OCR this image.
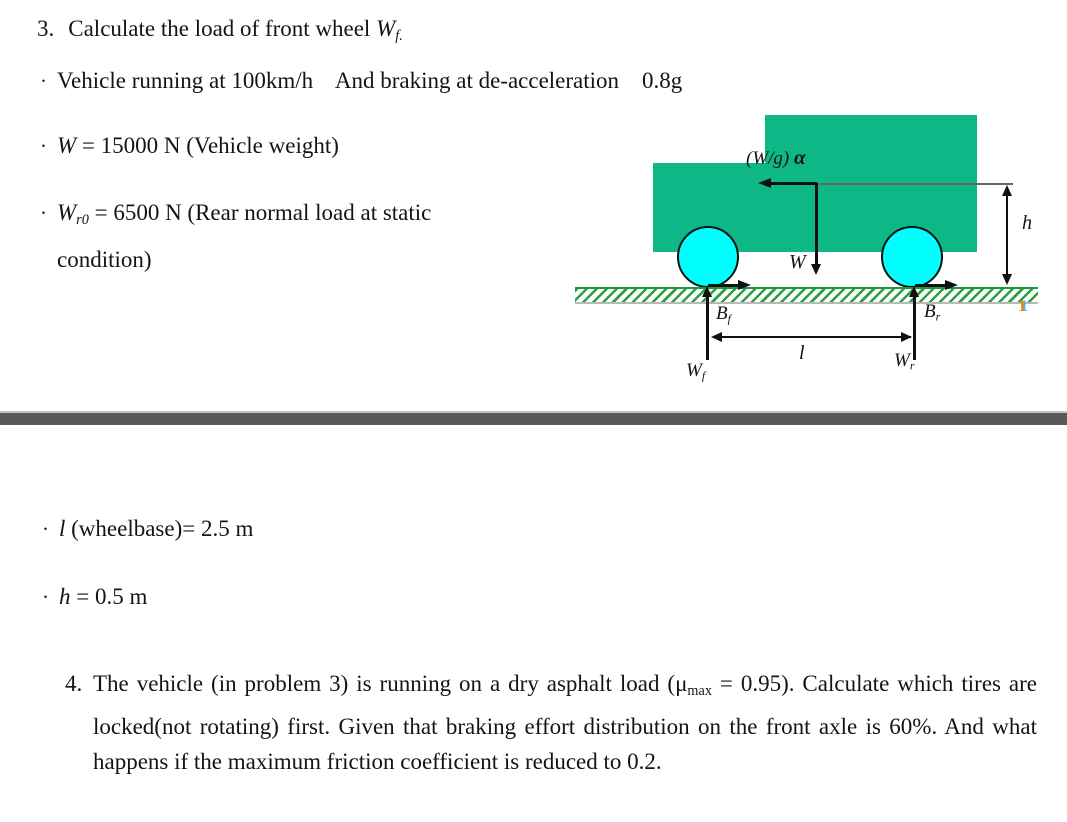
3. Calculate the load of front wheel Wf.
· Vehicle running at 100km/h    And braking at de-acceleration    0.8g
· W = 15000 N (Vehicle weight)
· Wr0 = 6500 N (Rear normal load at static
condition)
(W/g) α
W
h
Bf
Wf
Br
Wr
l
1
· l (wheelbase)= 2.5 m
· h = 0.5 m
4. The vehicle (in problem 3) is running on a dry asphalt load (μmax = 0.95). Calculate which tires are locked(not rotating) first. Given that braking effort distribution on the front axle is 60%. And what happens if the maximum friction coefficient is reduced to 0.2.
